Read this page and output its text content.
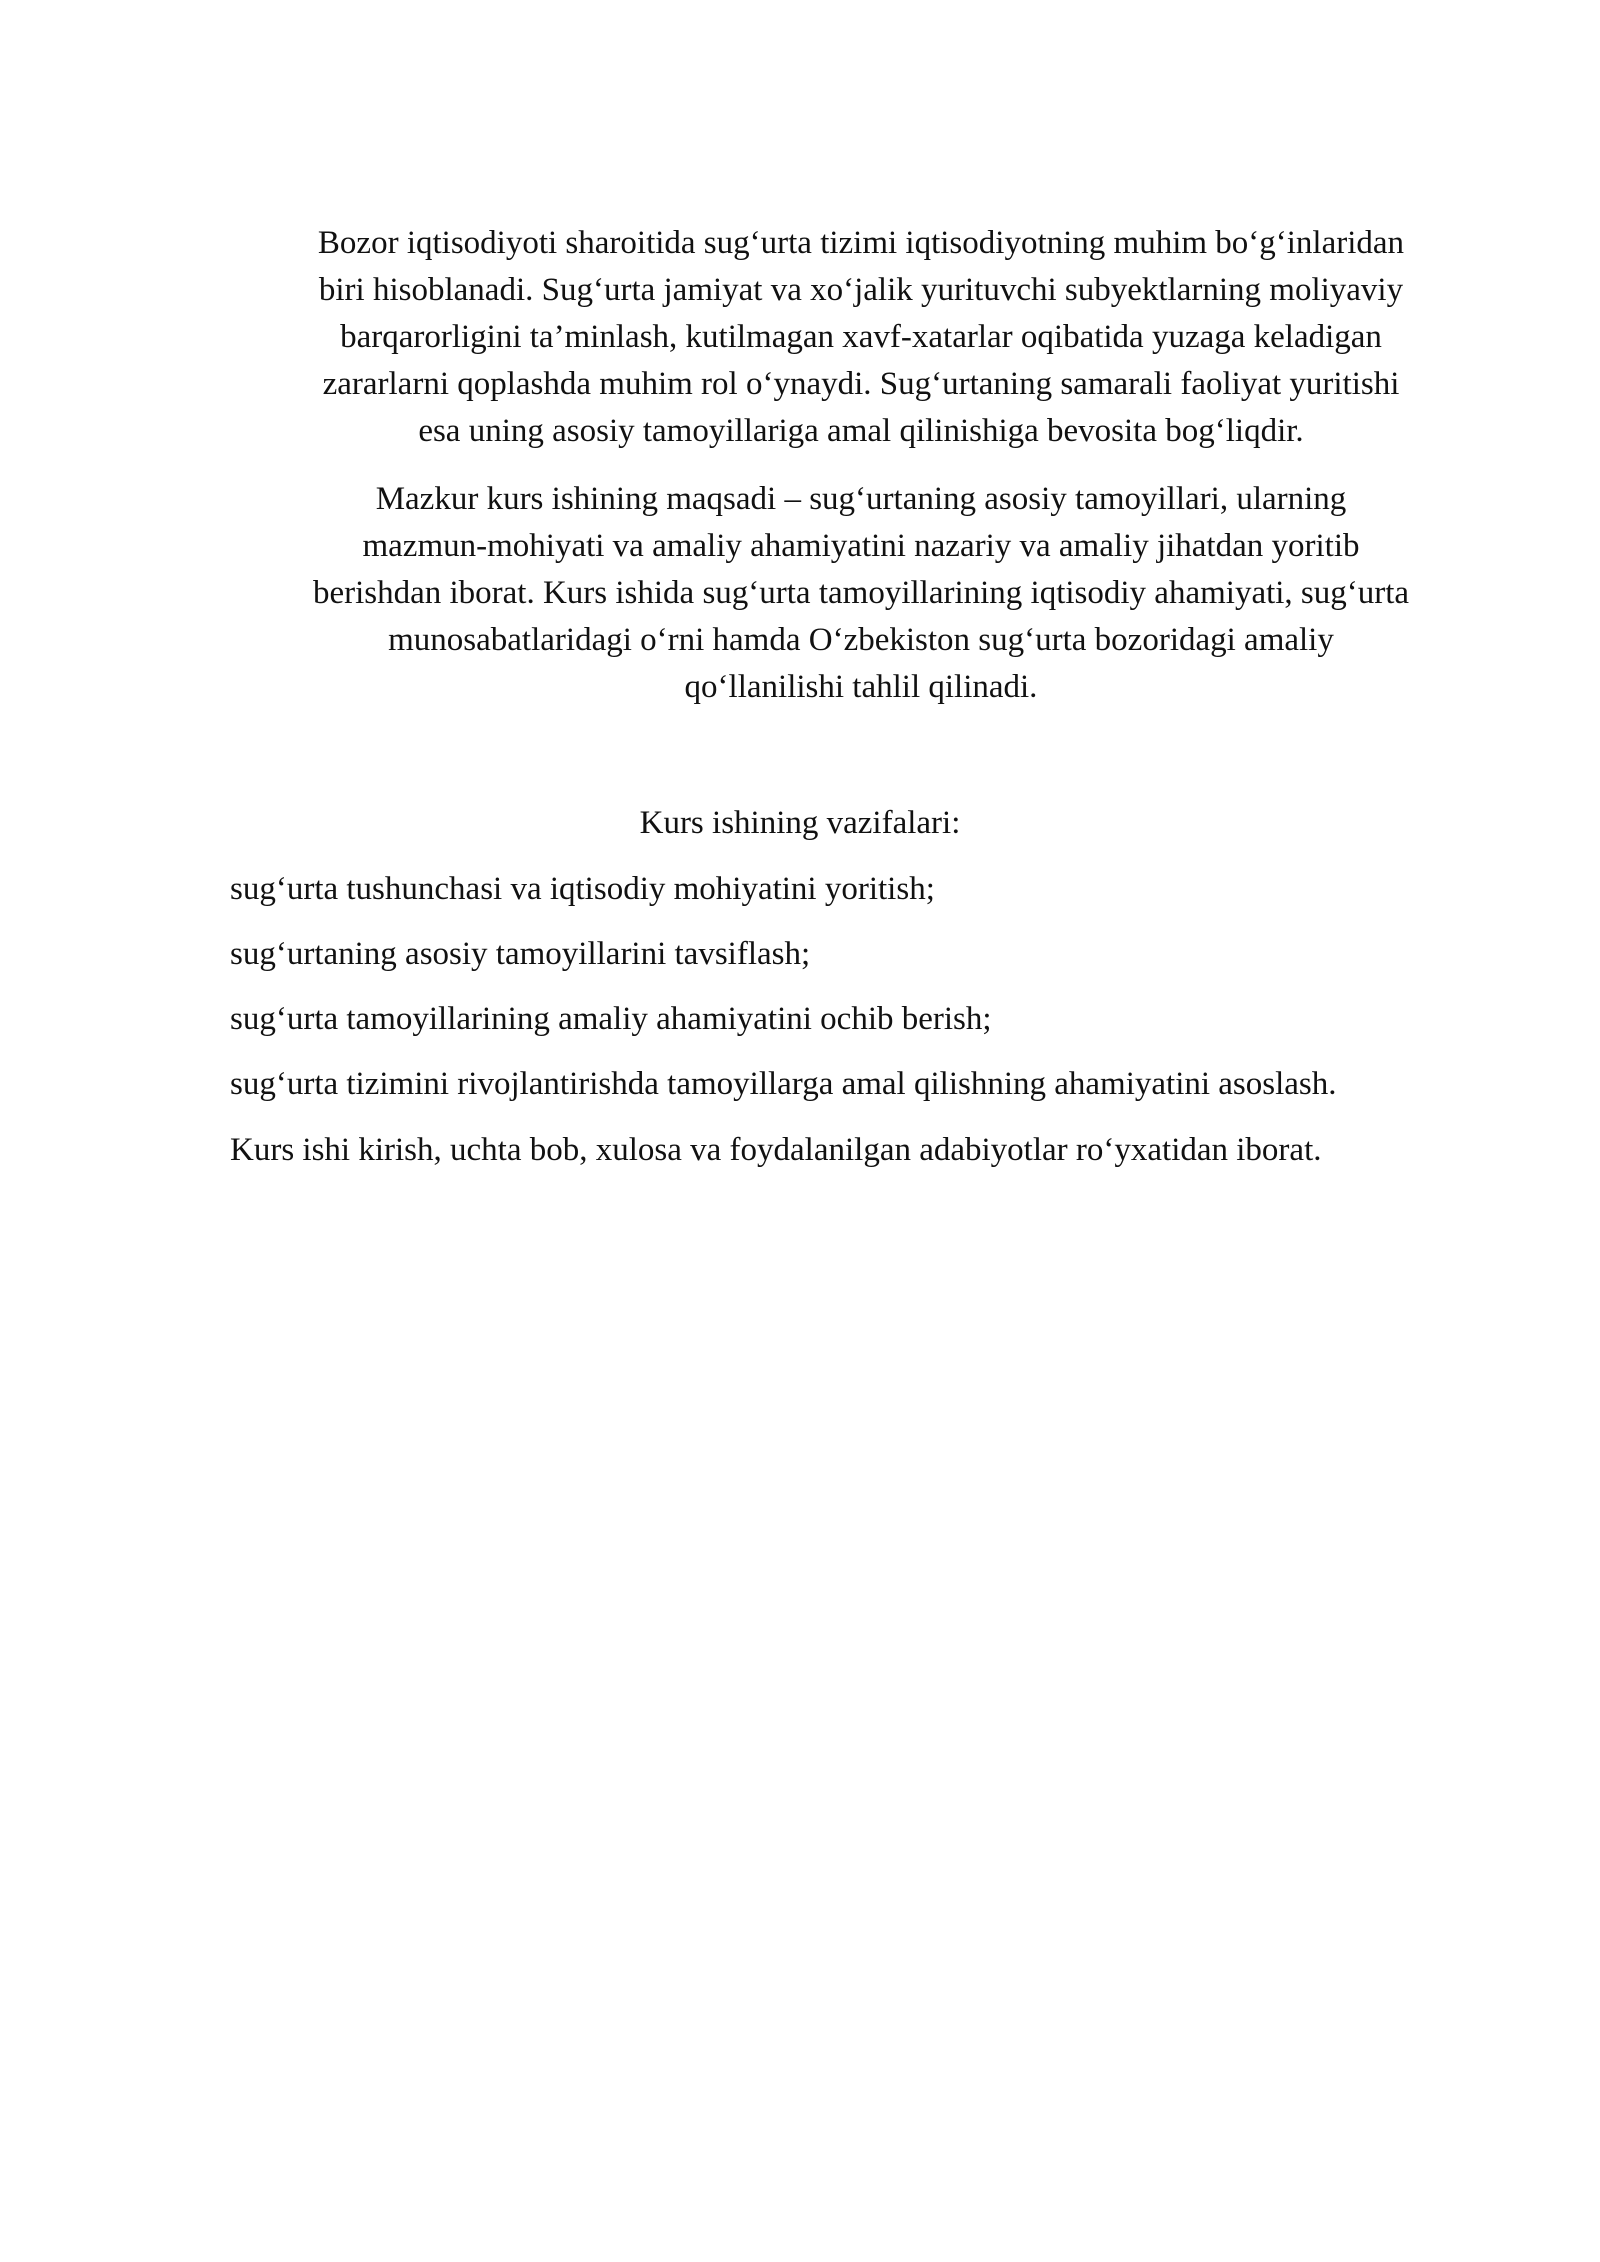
Bozor iqtisodiyoti sharoitida sug‘urta tizimi iqtisodiyotning muhim bo‘g‘inlaridan
biri hisoblanadi. Sug‘urta jamiyat va xo‘jalik yurituvchi subyektlarning moliyaviy
barqarorligini ta’minlash, kutilmagan xavf-xatarlar oqibatida yuzaga keladigan
zararlarni qoplashda muhim rol o‘ynaydi. Sug‘urtaning samarali faoliyat yuritishi
esa uning asosiy tamoyillariga amal qilinishiga bevosita bog‘liqdir.

Mazkur kurs ishining maqsadi – sug‘urtaning asosiy tamoyillari, ularning
mazmun-mohiyati va amaliy ahamiyatini nazariy va amaliy jihatdan yoritib
berishdan iborat. Kurs ishida sug‘urta tamoyillarining iqtisodiy ahamiyati, sug‘urta
munosabatlaridagi o‘rni hamda O‘zbekiston sug‘urta bozoridagi amaliy
qo‘llanilishi tahlil qilinadi.

Kurs ishining vazifalari:

sug‘urta tushunchasi va iqtisodiy mohiyatini yoritish;
sug‘urtaning asosiy tamoyillarini tavsiflash;
sug‘urta tamoyillarining amaliy ahamiyatini ochib berish;
sug‘urta tizimini rivojlantirishda tamoyillarga amal qilishning ahamiyatini asoslash.

Kurs ishi kirish, uchta bob, xulosa va foydalanilgan adabiyotlar ro‘yxatidan iborat.
